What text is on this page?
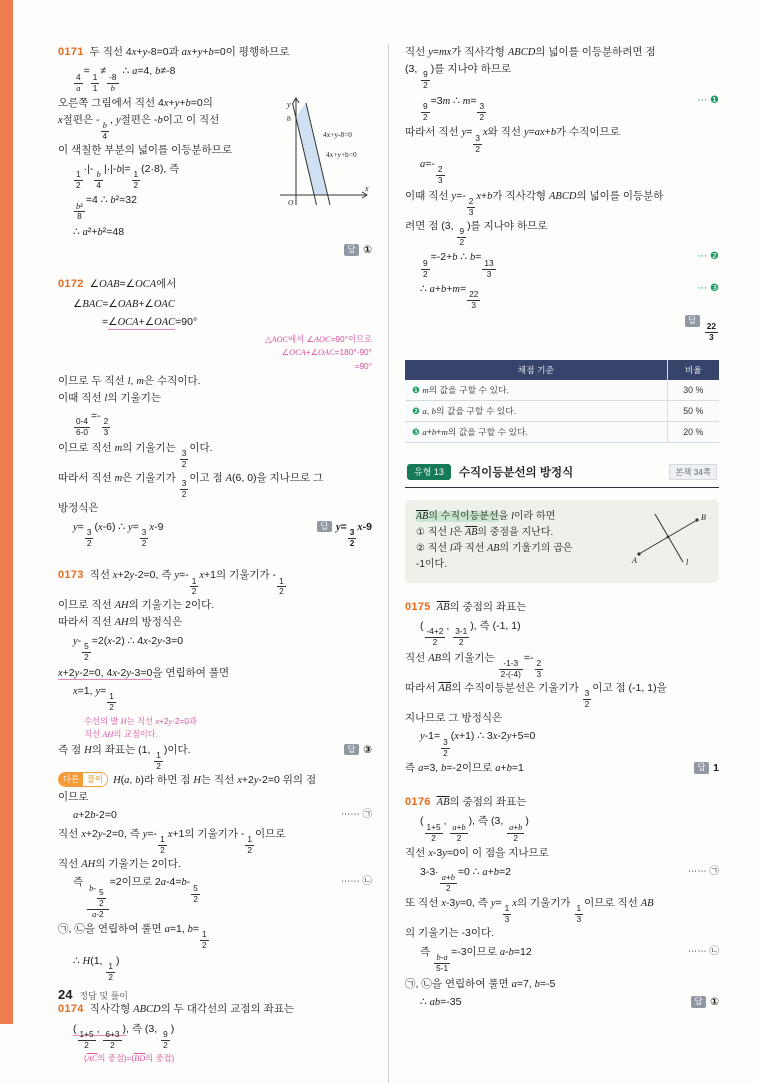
0171 두 직선 4x+y-8=0과 ax+y+b=0이 평행하므로
$\frac{4}{a}$
=
$\frac{1}{1}$
≠
$\frac{-8}{b}$
∴ a=4, b≠-8
y
8
O
x
4x+y-8=0
4x+y+b=0
오른쪽 그림에서 직선 4x+y+b=0의
x절편은 -
$\frac{b}{4}$
, y절편은 -b이고 이 직선
이 색칠한 부분의 넓이를 이등분하므로
$\frac{1}{2}$
·|-
$\frac{b}{4}$
|·|-b|=
$\frac{1}{2}$
(2·8), 즉
$\frac{\text{b²}}{8}$
=4 ∴ b²=32
∴ a²+b²=48
답 ①
0172 ∠OAB=∠OCA에서
∠BAC=∠OAB+∠OAC
=∠OCA+∠OAC=90°
△AOC에서 ∠AOC=90°이므로
∠OCA+∠OAC=180°-90°
=90°
이므로 두 직선 l, m은 수직이다.
이때 직선 l의 기울기는
$\frac{0-4}{6-0}$
=-
$\frac{2}{3}$
이므로 직선 m의 기울기는
$\frac{3}{2}$
이다.
따라서 직선 m은 기울기가
$\frac{3}{2}$
이고 점 A(6, 0)을 지나므로 그
방정식은
답 y=
$\frac{3}{2}$
x-9
y=
$\frac{3}{2}$
(x-6) ∴ y=
$\frac{3}{2}$
x-9
0173 직선 x+2y-2=0, 즉 y=-
$\frac{1}{2}$
x+1의 기울기가 -
$\frac{1}{2}$
이므로 직선 AH의 기울기는 2이다.
따라서 직선 AH의 방정식은
y-
$\frac{5}{2}$
=2(x-2) ∴ 4x-2y-3=0
x+2y-2=0, 4x-2y-3=0을 연립하여 풀면
x=1, y=
$\frac{1}{2}$
수선의 발 H는 직선 x+2y-2=0과
직선 AH의 교점이다.
답 ③
즉 점 H의 좌표는 (1,
$\frac{1}{2}$
)이다.
다른 풀이 H(a, b)라 하면 점 H는 직선 x+2y-2=0 위의 점
이므로
⋯⋯ ㉠
a+2b-2=0
직선 x+2y-2=0, 즉 y=-
$\frac{1}{2}$
x+1의 기울기가 -
$\frac{1}{2}$
이므로
직선 AH의 기울기는 2이다.
⋯⋯ ㉡
즉
b-
$\frac{5}{2}$
a-2
=2이므로 2a-4=b-
$\frac{5}{2}$
㉠, ㉡을 연립하여 풀면 a=1, b=
$\frac{1}{2}$
∴ H(1,
$\frac{1}{2}$
)
0174 직사각형 ABCD의 두 대각선의 교점의 좌표는
(
$\frac{1+5}{2}$
,
$\frac{6+3}{2}$
), 즉 (3,
$\frac{9}{2}$
)
(AC의 중점)=(BD의 중점)
직선 y=mx가 직사각형 ABCD의 넓이를 이등분하려면 점
(3,
$\frac{9}{2}$
)를 지나야 하므로
⋯ ❶
$\frac{9}{2}$
=3m ∴ m=
$\frac{3}{2}$
따라서 직선 y=
$\frac{3}{2}$
x와 직선 y=ax+b가 수직이므로
a=-
$\frac{2}{3}$
이때 직선 y=-
$\frac{2}{3}$
x+b가 직사각형 ABCD의 넓이를 이등분하
려면 점 (3,
$\frac{9}{2}$
)를 지나야 하므로
⋯ ❷
$\frac{9}{2}$
=-2+b ∴ b=
$\frac{13}{3}$
⋯ ❸
∴ a+b+m=
$\frac{22}{3}$
답
$\frac{22}{3}$
채점 기준	비율
❶ m의 값을 구할 수 있다.	30 %
❷ a, b의 값을 구할 수 있다.	50 %
❸ a+b+m의 값을 구할 수 있다.	20 %
유형 13	수직이등분선의 방정식	본책 34쪽
AB의 수직이등분선을 l이라 하면
① 직선 l은 AB의 중점을 지난다.
② 직선 l과 직선 AB의 기울기의 곱은
-1이다.	A
B
l
0175 AB의 중점의 좌표는
(
$\frac{-4+2}{2}$
,
$\frac{3-1}{2}$
), 즉 (-1, 1)
직선 AB의 기울기는
$\frac{-1-3}{2-(-4)}$
=-
$\frac{2}{3}$
따라서 AB의 수직이등분선은 기울기가
$\frac{3}{2}$
이고 점 (-1, 1)을
지나므로 그 방정식은
y-1=
$\frac{3}{2}$
(x+1) ∴ 3x-2y+5=0
답 1
즉 a=3, b=-2이므로 a+b=1
0176 AB의 중점의 좌표는
(
$\frac{1+5}{2}$
,
$\frac{a+b}{2}$
), 즉 (3,
$\frac{a+b}{2}$
)
직선 x-3y=0이 이 점을 지나므로
⋯⋯ ㉠
3-3·
$\frac{a+b}{2}$
=0 ∴ a+b=2
또 직선 x-3y=0, 즉 y=
$\frac{1}{3}$
x의 기울기가
$\frac{1}{3}$
이므로 직선 AB
의 기울기는 -3이다.
⋯⋯ ㉡
즉
$\frac{b-a}{5-1}$
=-3이므로 a-b=12
㉠, ㉡을 연립하여 풀면 a=7, b=-5
답 ①
∴ ab=-35
24 정답 및 풀이
